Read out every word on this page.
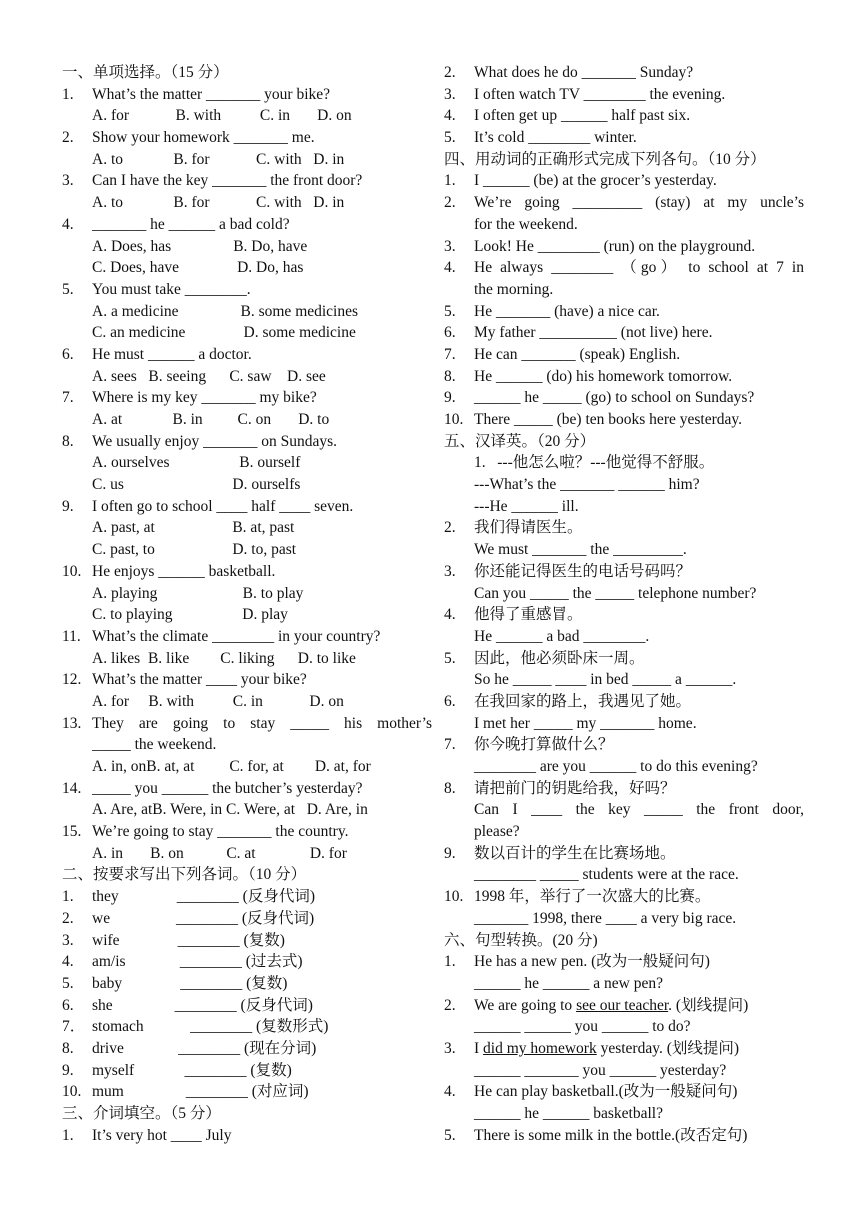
一、单项选择。（15 分）
1.	What’s the matter _______ your bike?
A. for            B. with          C. in       D. on
2.	Show your homework _______ me.
A. to             B. for            C. with   D. in
3.	Can I have the key _______ the front door?
A. to             B. for            C. with   D. in
4.	_______ he ______ a bad cold?
A. Does, has                B. Do, have
C. Does, have               D. Do, has
5.	You must take ________.
A. a medicine                B. some medicines
C. an medicine               D. some medicine
6.	He must ______ a doctor.
A. sees   B. seeing      C. saw    D. see
7.	Where is my key _______ my bike?
A. at             B. in         C. on       D. to
8.	We usually enjoy _______ on Sundays.
A. ourselves                  B. ourself
C. us                            D. ourselfs
9.	I often go to school ____ half ____ seven.
A. past, at                    B. at, past
C. past, to                    D. to, past
10. He enjoys ______ basketball.
A. playing                      B. to play
C. to playing                  D. play
11. What’s the climate ________ in your country?
A. likes  B. like        C. liking      D. to like
12. What’s the matter ____ your bike?
A. for     B. with          C. in            D. on
13. They are going to stay _____ his mother’s
_____ the weekend.
A. in, onB. at, at         C. for, at        D. at, for
14. _____ you ______ the butcher’s yesterday?
A. Are, atB. Were, in C. Were, at   D. Are, in
15. We’re going to stay _______ the country.
A. in       B. on           C. at              D. for
二、按要求写出下列各词。（10 分）
1.	they               ________ (反身代词)
2.	we                 ________ (反身代词)
3.	wife               ________ (复数)
4.	am/is              ________ (过去式)
5.	baby               ________ (复数)
6.	she                ________ (反身代词)
7． stomach            ________ (复数形式)
8.	drive              ________ (现在分词)
9.	myself             ________ (复数)
10. mum                ________ (对应词)
三、介词填空。（5 分）
1.	It’s very hot ____ July
2.	What does he do _______ Sunday?
3.	I often watch TV ________ the evening.
4.	I often get up ______ half past six.
5.	It’s cold ________ winter.
四、用动词的正确形式完成下列各句。（10 分）
1.	I ______ (be) at the grocer’s yesterday.
2.	We’re going _________ (stay) at my uncle’s
for the weekend.
3.	Look! He ________ (run) on the playground.
4.	He always ________ （go） to school at 7 in
the morning.
5.	He _______ (have) a nice car.
6.	My father __________ (not live) here.
7.	He can _______ (speak) English.
8.	He ______ (do) his homework tomorrow.
9.	______ he _____ (go) to school on Sundays?
10. There _____ (be) ten books here yesterday.
五、汉译英。（20 分）
1.   ---他怎么啦？---他觉得不舒服。
---What’s the _______ ______ him?
---He ______ ill.
2.	我们得请医生。
We must _______ the _________.
3.	你还能记得医生的电话号码吗？
Can you _____ the _____ telephone number?
4.	他得了重感冒。
He ______ a bad ________.
5.	因此，他必须卧床一周。
So he _____ ____ in bed _____ a ______.
6.	在我回家的路上，我遇见了她。
I met her _____ my _______ home.
7.	你今晚打算做什么？
________ are you ______ to do this evening?
8.	请把前门的钥匙给我，好吗？
Can I ____ the key _____ the front door,
please?
9.	数以百计的学生在比赛场地。
________ _____ students were at the race.
10. 1998 年，举行了一次盛大的比赛。
_______ 1998, there ____ a very big race.
六、句型转换。(20 分)
1.	He has a new pen. (改为一般疑问句)
______ he ______ a new pen?
2.	We are going to see our teacher. (划线提问)
______ ______ you ______ to do?
3.	I did my homework yesterday. (划线提问)
______ _______ you ______ yesterday?
4.	He can play basketball.(改为一般疑问句)
______ he ______ basketball?
5.	There is some milk in the bottle.(改否定句)
